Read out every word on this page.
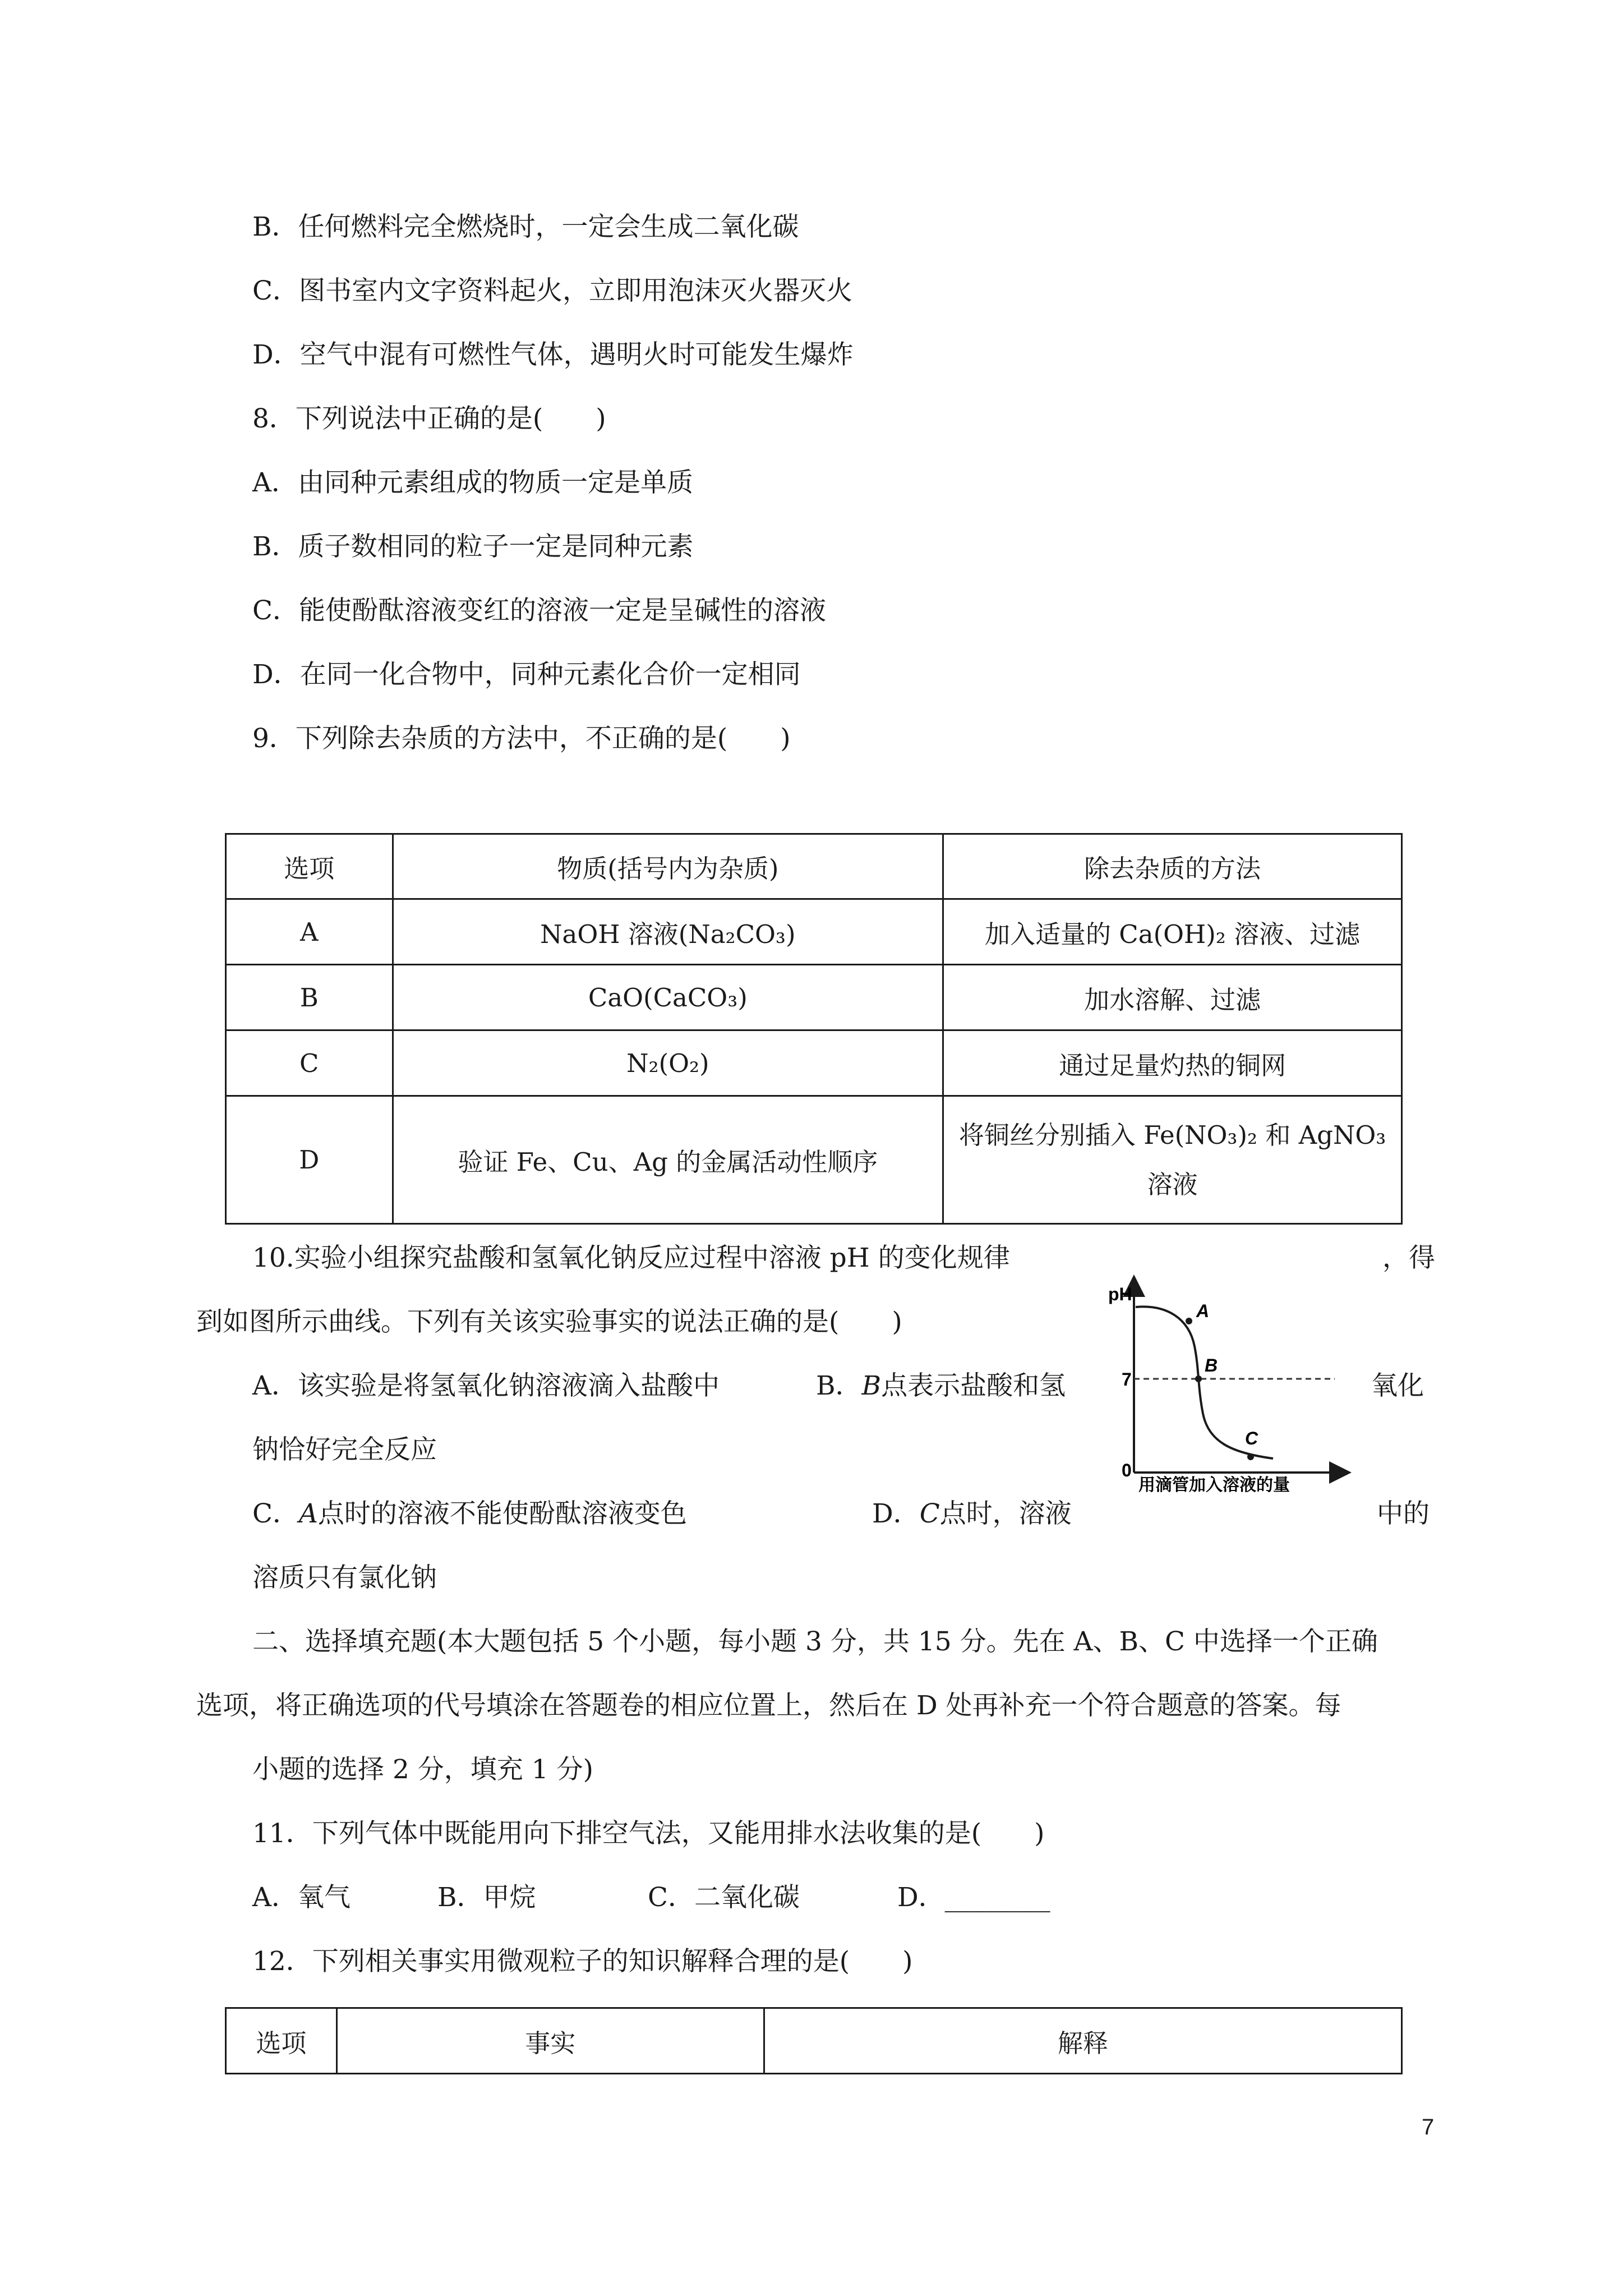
B．任何燃料完全燃烧时，一定会生成二氧化碳
C．图书室内文字资料起火，立即用泡沫灭火器灭火
D．空气中混有可燃性气体，遇明火时可能发生爆炸
8．下列说法中正确的是(　　)
A．由同种元素组成的物质一定是单质
B．质子数相同的粒子一定是同种元素
C．能使酚酞溶液变红的溶液一定是呈碱性的溶液
D．在同一化合物中，同种元素化合价一定相同
9．下列除去杂质的方法中，不正确的是(　　)
选项	物质(括号内为杂质)	除去杂质的方法
A	NaOH 溶液(Na₂CO₃)	加入适量的 Ca(OH)₂ 溶液、过滤
B	CaO(CaCO₃)	加水溶解、过滤
C	N₂(O₂)	通过足量灼热的铜网
D	验证 Fe、Cu、Ag 的金属活动性顺序	将铜丝分别插入 Fe(NO₃)₂ 和 AgNO₃
溶液
10.实验小组探究盐酸和氢氧化钠反应过程中溶液 pH 的变化规律	，得
到如图所示曲线。下列有关该实验事实的说法正确的是(　　)
A．该实验是将氢氧化钠溶液滴入盐酸中	B．B点表示盐酸和氢	氧化
钠恰好完全反应
C．A点时的溶液不能使酚酞溶液变色	D．C点时，溶液	中的
溶质只有氯化钠
pH
0
7
A
B
C
用滴管加入溶液的量
二、选择填充题(本大题包括 5 个小题，每小题 3 分，共 15 分。先在 A、B、C 中选择一个正确
选项，将正确选项的代号填涂在答题卷的相应位置上，然后在 D 处再补充一个符合题意的答案。每
小题的选择 2 分，填充 1 分)
11．下列气体中既能用向下排空气法，又能用排水法收集的是(　　)
A．氧气	B．甲烷	C．二氧化碳	D．________
12．下列相关事实用微观粒子的知识解释合理的是(　　)
选项	事实	解释
7
